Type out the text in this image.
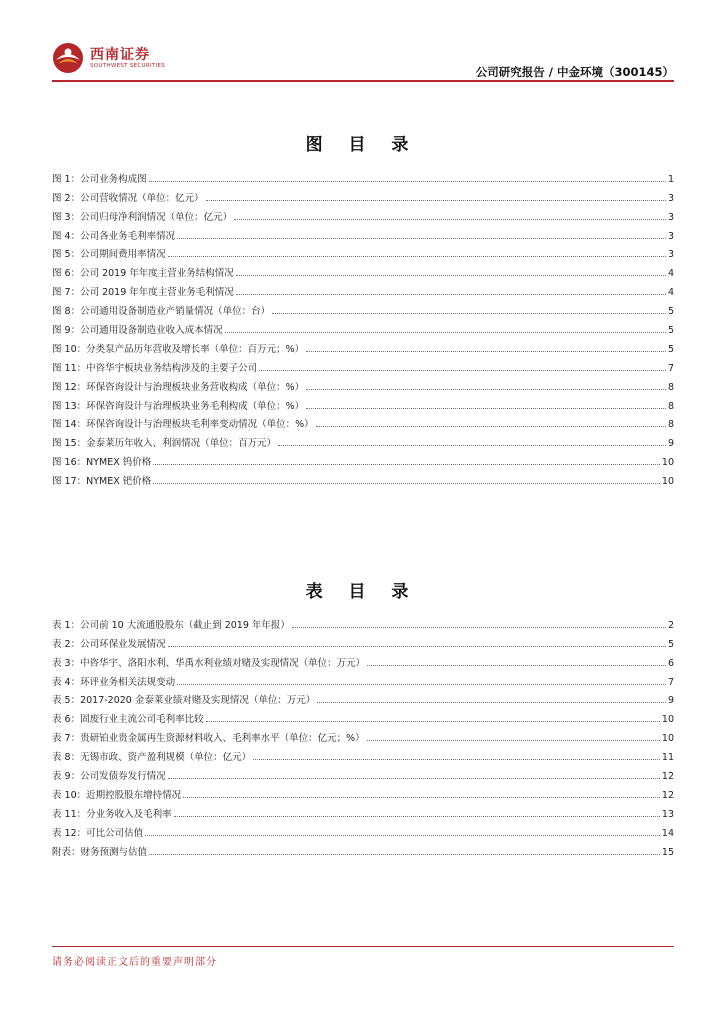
西南证券
SOUTHWEST SECURITIES	公司研究报告 / 中金环境（300145）
图 目 录
图 1：公司业务构成图	1
图 2：公司营收情况（单位：亿元）	3
图 3：公司归母净利润情况（单位：亿元）	3
图 4：公司各业务毛利率情况	3
图 5：公司期间费用率情况	3
图 6：公司 2019 年年度主营业务结构情况	4
图 7：公司 2019 年年度主营业务毛利情况	4
图 8：公司通用设备制造业产销量情况（单位：台）	5
图 9：公司通用设备制造业收入成本情况	5
图 10：分类泵产品历年营收及增长率（单位：百万元；%）	5
图 11：中咨华宇板块业务结构涉及的主要子公司	7
图 12：环保咨询设计与治理板块业务营收构成（单位：%）	8
图 13：环保咨询设计与治理板块业务毛利构成（单位：%）	8
图 14：环保咨询设计与治理板块毛利率变动情况（单位：%）	8
图 15：金泰莱历年收入、利润情况（单位：百万元）	9
图 16：NYMEX 钨价格	10
图 17：NYMEX 钯价格	10
表 目 录
表 1：公司前 10 大流通股股东（截止到 2019 年年报）	2
表 2：公司环保业发展情况	5
表 3：中咨华宇、洛阳水利、华禹水利业绩对赌及实现情况（单位：万元）	6
表 4：环评业务相关法规变动	7
表 5：2017-2020 金泰莱业绩对赌及实现情况（单位：万元）	9
表 6：固废行业主流公司毛利率比较	10
表 7：贵研铂业贵金属再生资源材料收入、毛利率水平（单位：亿元；%）	10
表 8：无锡市政、资产盈利规模（单位：亿元）	11
表 9：公司发债券发行情况	12
表 10：近期控股股东增持情况	12
表 11：分业务收入及毛利率	13
表 12：可比公司估值	14
附表：财务预测与估值	15
请务必阅读正文后的重要声明部分
